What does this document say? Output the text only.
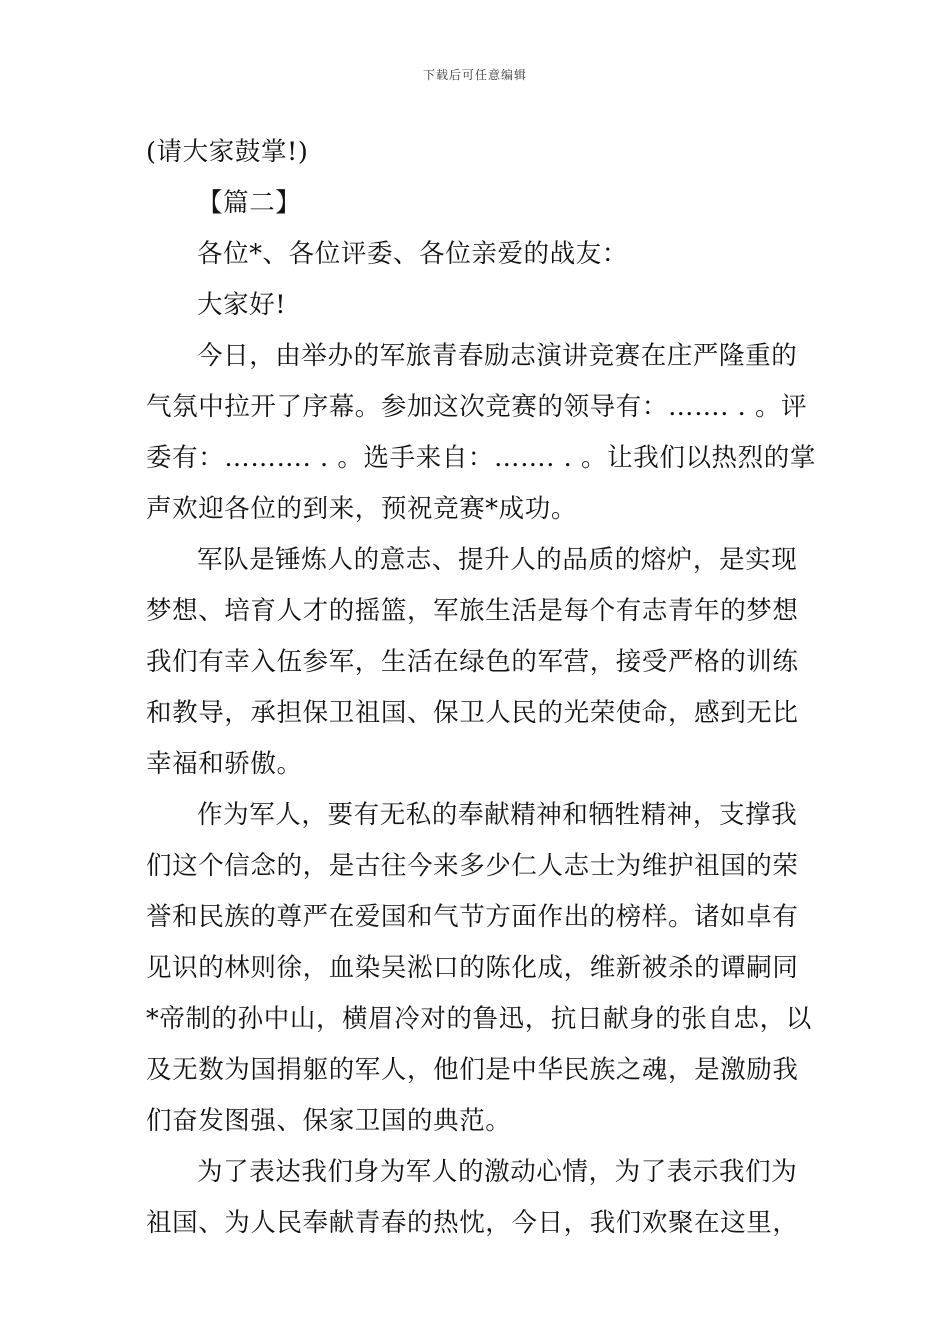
下载后可任意编辑

(请大家鼓掌!)

【篇二】

各位*、各位评委、各位亲爱的战友：

大家好!

今日，由举办的军旅青春励志演讲竞赛在庄严隆重的

气氛中拉开了序幕。参加这次竞赛的领导有：……. . 。评

委有：………. . 。选手来自：……. . 。让我们以热烈的掌

声欢迎各位的到来，预祝竞赛*成功。

军队是锤炼人的意志、提升人的品质的熔炉，是实现

梦想、培育人才的摇篮，军旅生活是每个有志青年的梦想

我们有幸入伍参军，生活在绿色的军营，接受严格的训练

和教导，承担保卫祖国、保卫人民的光荣使命，感到无比

幸福和骄傲。

作为军人，要有无私的奉献精神和牺牲精神，支撑我

们这个信念的，是古往今来多少仁人志士为维护祖国的荣

誉和民族的尊严在爱国和气节方面作出的榜样。诸如卓有

见识的林则徐，血染吴淞口的陈化成，维新被杀的谭嗣同

*帝制的孙中山，横眉冷对的鲁迅，抗日献身的张自忠，以

及无数为国捐躯的军人，他们是中华民族之魂，是激励我

们奋发图强、保家卫国的典范。

为了表达我们身为军人的激动心情，为了表示我们为

祖国、为人民奉献青春的热忱，今日，我们欢聚在这里，
